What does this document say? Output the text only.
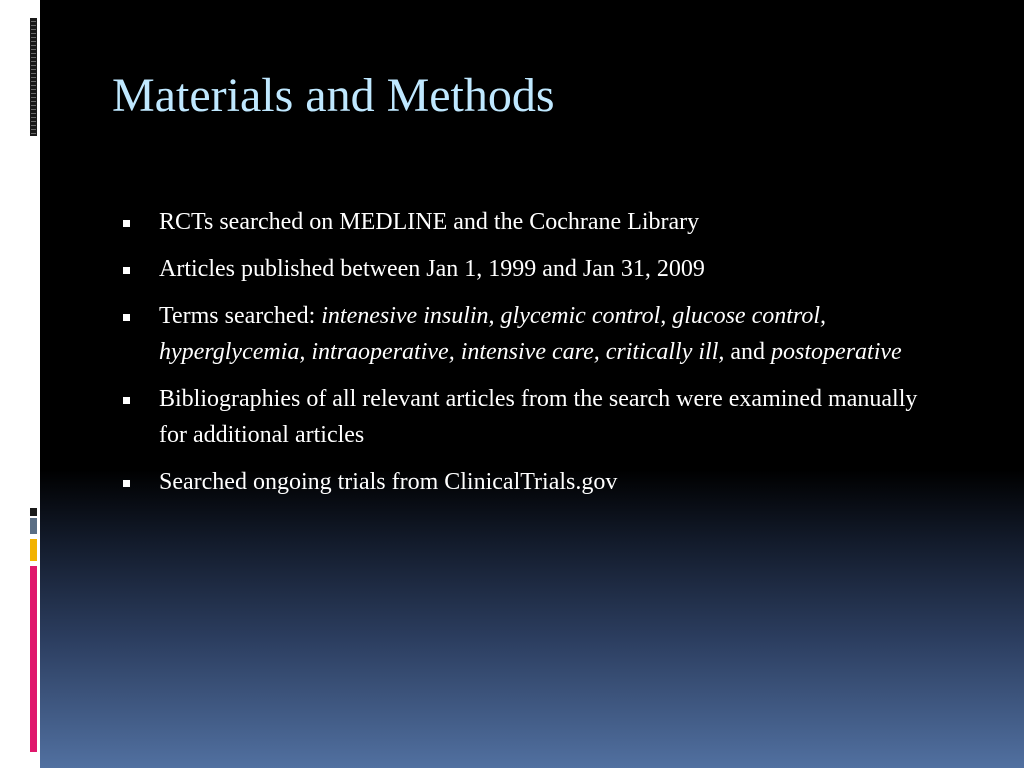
Materials and Methods
RCTs searched on MEDLINE and the Cochrane Library
Articles published between Jan 1, 1999 and Jan 31, 2009
Terms searched: intenesive insulin, glycemic control, glucose control, hyperglycemia, intraoperative, intensive care, critically ill, and postoperative
Bibliographies of all relevant articles from the search were examined manually for additional articles
Searched ongoing trials from ClinicalTrials.gov
